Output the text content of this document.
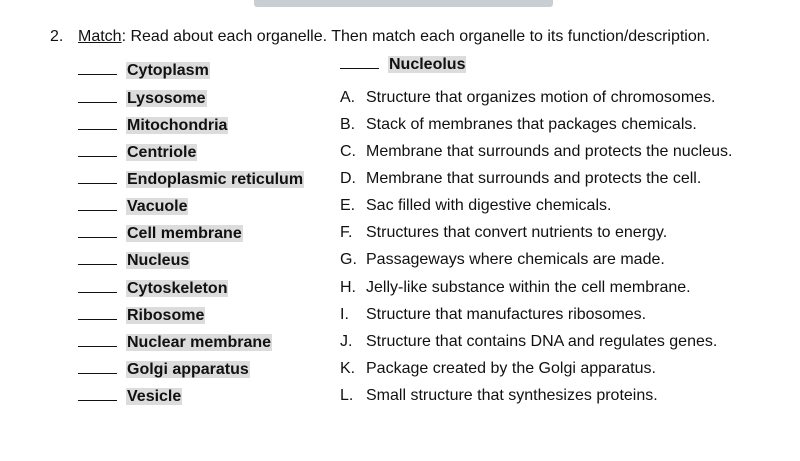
2. Match: Read about each organelle. Then match each organelle to its function/description.
Nucleolus
Cytoplasm
Lysosome
Mitochondria
Centriole
Endoplasmic reticulum
Vacuole
Cell membrane
Nucleus
Cytoskeleton
Ribosome
Nuclear membrane
Golgi apparatus
Vesicle
A. Structure that organizes motion of chromosomes.
B. Stack of membranes that packages chemicals.
C. Membrane that surrounds and protects the nucleus.
D. Membrane that surrounds and protects the cell.
E. Sac filled with digestive chemicals.
F. Structures that convert nutrients to energy.
G. Passageways where chemicals are made.
H. Jelly-like substance within the cell membrane.
I. Structure that manufactures ribosomes.
J. Structure that contains DNA and regulates genes.
K. Package created by the Golgi apparatus.
L. Small structure that synthesizes proteins.
